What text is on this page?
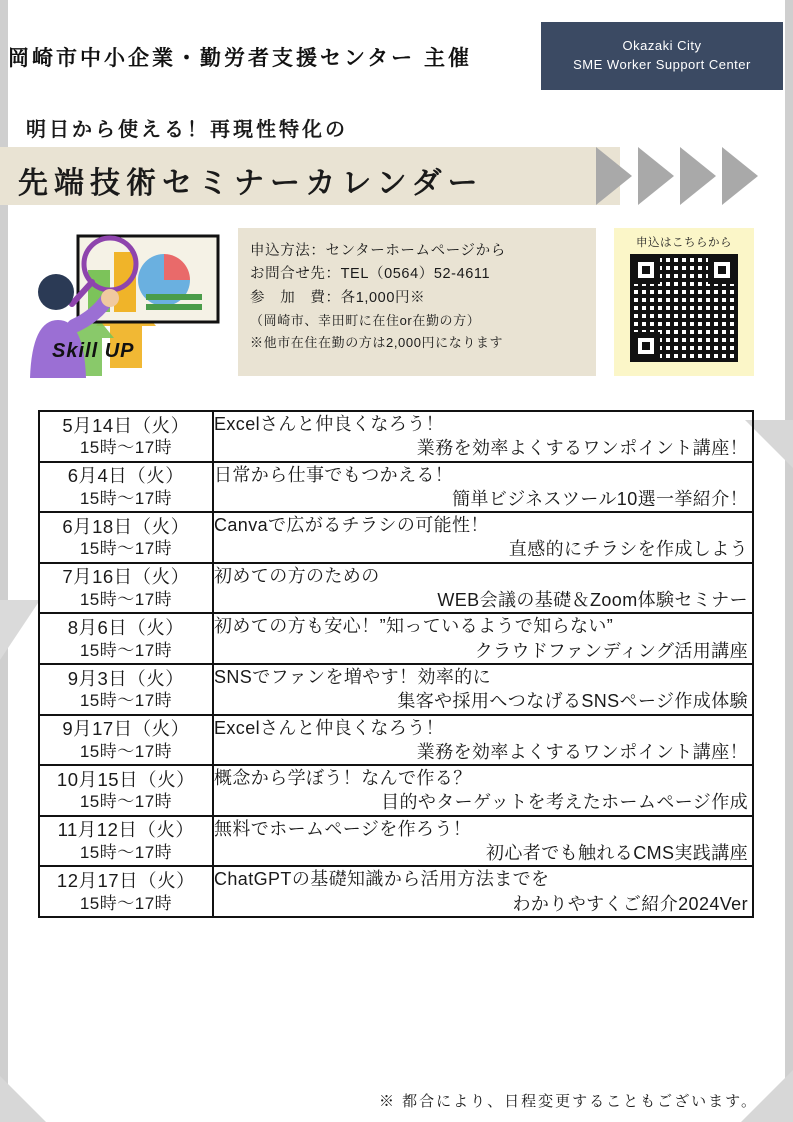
岡崎市中小企業・勤労者支援センター 主催
Okazaki City
SME Worker Support Center
明日から使える！再現性特化の
先端技術セミナーカレンダー
Skill UP
申込方法：センターホームページから
お問合せ先：TEL（0564）52-4611
参　加　費：各1,000円※
（岡崎市、幸田町に在住or在勤の方）
※他市在住在勤の方は2,000円になります
申込はこちらから
5月14日（火）
15時〜17時

Excelさんと仲良くなろう！
業務を効率よくするワンポイント講座！

6月4日（火）
15時〜17時

日常から仕事でもつかえる！
簡単ビジネスツール10選一挙紹介！

6月18日（火）
15時〜17時

Canvaで広がるチラシの可能性！
直感的にチラシを作成しよう

7月16日（火）
15時〜17時

初めての方のための
WEB会議の基礎＆Zoom体験セミナー

8月6日（火）
15時〜17時

初めての方も安心！”知っているようで知らない”
クラウドファンディング活用講座

9月3日（火）
15時〜17時

SNSでファンを増やす！効率的に
集客や採用へつなげるSNSページ作成体験

9月17日（火）
15時〜17時

Excelさんと仲良くなろう！
業務を効率よくするワンポイント講座！

10月15日（火）
15時〜17時

概念から学ぼう！なんで作る？
目的やターゲットを考えたホームページ作成

11月12日（火）
15時〜17時

無料でホームページを作ろう！
初心者でも触れるCMS実践講座

12月17日（火）
15時〜17時

ChatGPTの基礎知識から活用方法までを
わかりやすくご紹介2024Ver
※ 都合により、日程変更することもございます。
